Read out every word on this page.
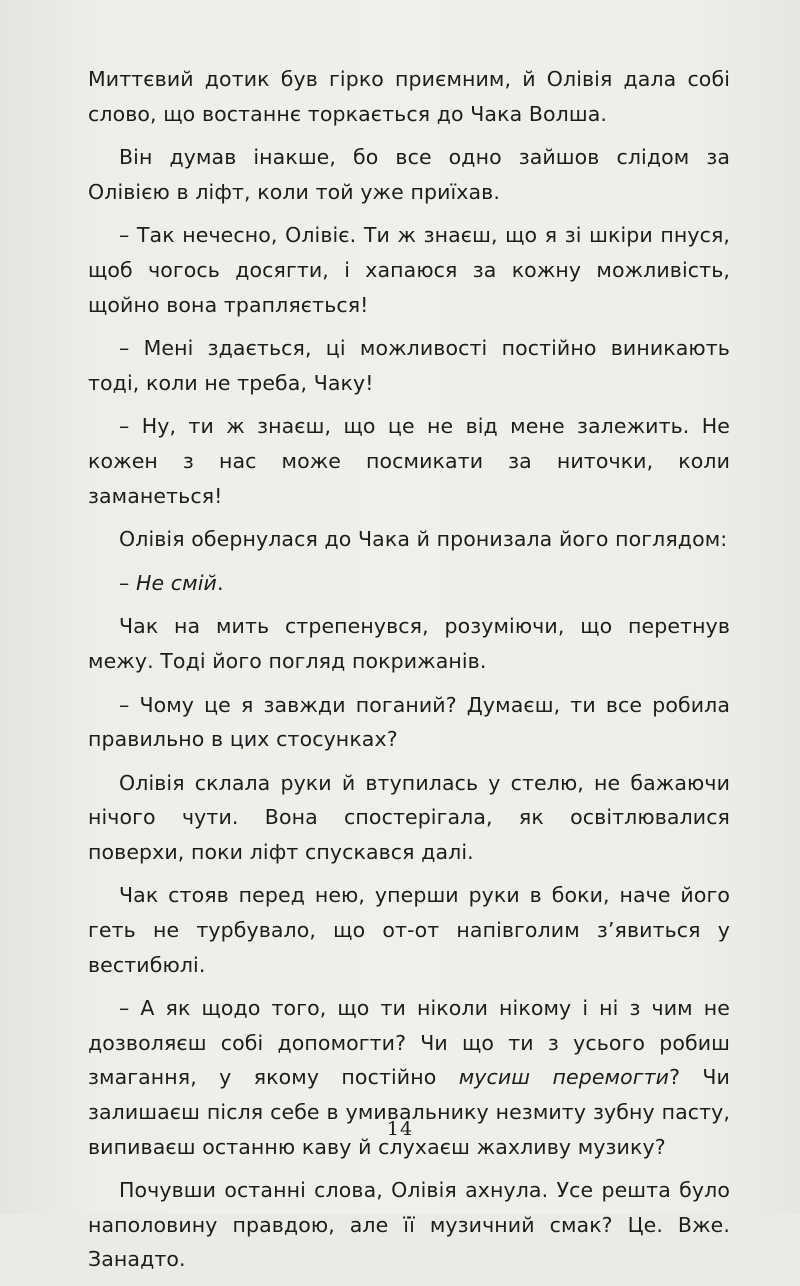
Миттєвий дотик був гірко приємним, й Олівія дала собі слово, що востаннє торкається до Чака Волша.

Він думав інакше, бо все одно зайшов слідом за Олівією в ліфт, коли той уже приїхав.

– Так нечесно, Олівіє. Ти ж знаєш, що я зі шкіри пнуся, щоб чогось досягти, і хапаюся за кожну можливість, щойно вона трапляється!

– Мені здається, ці можливості постійно виникають тоді, коли не треба, Чаку!

– Ну, ти ж знаєш, що це не від мене залежить. Не кожен з нас може посмикати за ниточки, коли заманеться!

Олівія обернулася до Чака й пронизала його поглядом:

– Не смій.

Чак на мить стрепенувся, розуміючи, що перетнув межу. Тоді його погляд покрижанів.

– Чому це я завжди поганий? Думаєш, ти все робила правильно в цих стосунках?

Олівія склала руки й втупилась у стелю, не бажаючи нічого чути. Вона спостерігала, як освітлювалися поверхи, поки ліфт спускався далі.

Чак стояв перед нею, уперши руки в боки, наче його геть не турбувало, що от-от напівголим з’явиться у вестибюлі.

– А як щодо того, що ти ніколи нікому і ні з чим не дозволяєш собі допомогти? Чи що ти з усього робиш змагання, у якому постійно мусиш перемогти? Чи залишаєш після себе в умивальнику незмиту зубну пасту, випиваєш останню каву й слухаєш жахливу музику?

Почувши останні слова, Олівія ахнула. Усе решта було наполовину правдою, але її музичний смак? Це. Вже. Занадто.

14
